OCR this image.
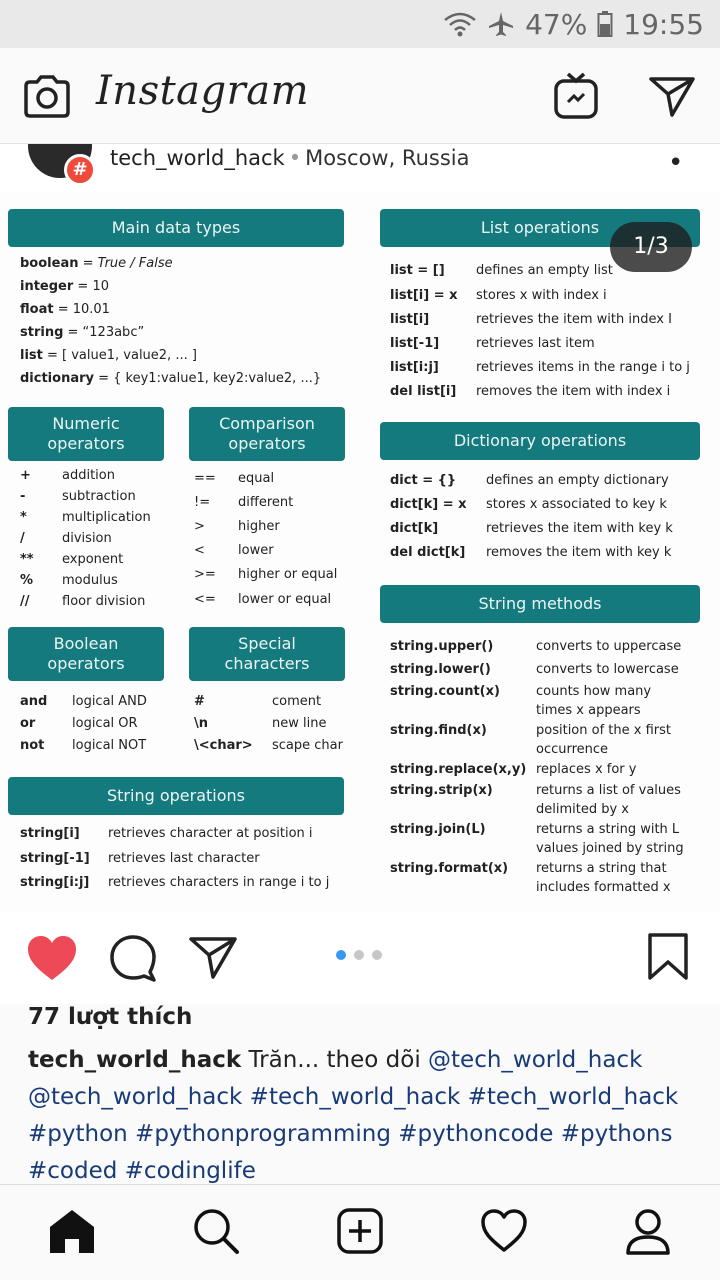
47% 19:55
Instagram
#	tech_world_hack • Moscow, Russia	•
Main data types
boolean = True / False
integer = 10
float = 10.01
string = “123abc”
list = [ value1, value2, ... ]
dictionary = { key1:value1, key2:value2, ...}
Numeric
operators
Comparison
operators
+ addition
-	subtraction
*	multiplication
/	division
** exponent
% modulus
//	floor division
== equal
!= different
>	higher
<	lower
>= higher or equal
<= lower or equal
Boolean
operators
Special
characters
and logical AND
or	logical OR
not logical NOT
#	coment
\n	new line
\<char> scape char
String operations
string[i] retrieves character at position i
string[-1] retrieves last character
string[i:j] retrieves characters in range i to j
List operations
list = [] defines an empty list
list[i] = x stores x with index i
list[i]	retrieves the item with index I
list[-1]	retrieves last item
list[i:j]	retrieves items in the range i to j
del list[i] removes the item with index i
Dictionary operations
dict = {} defines an empty dictionary
dict[k] = x stores x associated to key k
dict[k]	retrieves the item with key k
del dict[k] removes the item with key k
String methods
string.upper()	converts to uppercase
string.lower()	converts to lowercase
string.count(x)	counts how many
times x appears
string.find(x)	position of the x first
occurrence
string.replace(x,y) replaces x for y
string.strip(x)	returns a list of values
delimited by x
string.join(L)	returns a string with L
values joined by string
string.format(x) returns a string that
includes formatted x
1/3
77 lượt thích
tech_world_hack Trăn... theo dõi @tech_world_hack @tech_world_hack #tech_world_hack #tech_world_hack #python #pythonprogramming #pythoncode #pythons #coded #codinglife
